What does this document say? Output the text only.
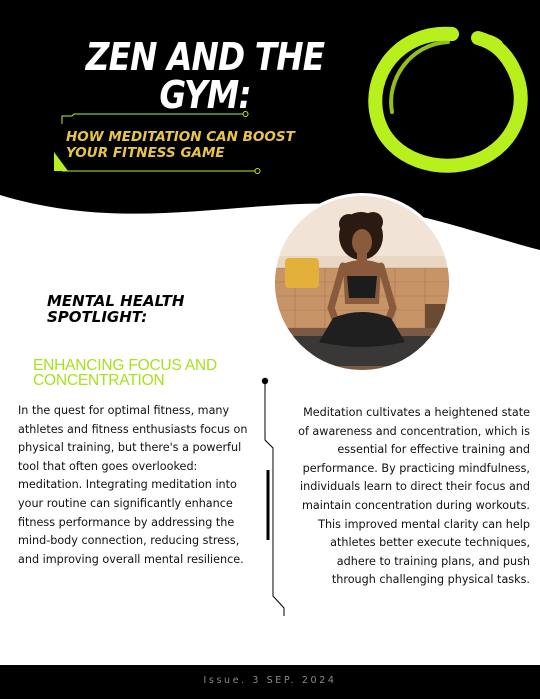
ZEN AND THE
GYM:
HOW MEDITATION CAN BOOST
YOUR FITNESS GAME
MENTAL HEALTH
SPOTLIGHT:
ENHANCING FOCUS AND
CONCENTRATION
In the quest for optimal fitness, many athletes and fitness enthusiasts focus on physical training, but there's a powerful tool that often goes overlooked: meditation. Integrating meditation into your routine can significantly enhance fitness performance by addressing the mind-body connection, reducing stress, and improving overall mental resilience.
Meditation cultivates a heightened state of awareness and concentration, which is essential for effective training and performance. By practicing mindfulness, individuals learn to direct their focus and maintain concentration during workouts. This improved mental clarity can help athletes better execute techniques, adhere to training plans, and push through challenging physical tasks.
Issue. 3 SEP. 2024
